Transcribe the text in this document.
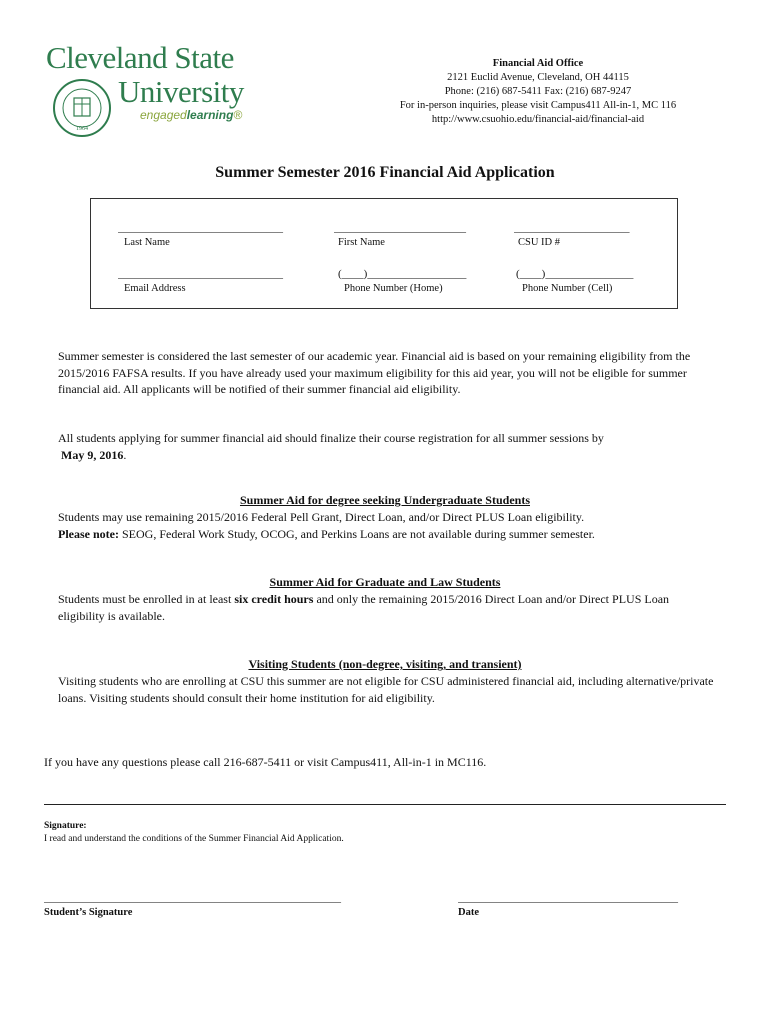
Cleveland State
University
engagedlearning®
1964
Financial Aid Office
2121 Euclid Avenue, Cleveland, OH 44115
Phone: (216) 687-5411 Fax: (216) 687-9247
For in-person inquiries, please visit Campus411 All-in-1, MC 116
http://www.csuohio.edu/financial-aid/financial-aid
Summer Semester 2016 Financial Aid Application
______________________________
Last Name
________________________
First Name
_____________________
CSU ID #
______________________________
Email Address
(____)__________________
Phone Number (Home)
(____)________________
Phone Number (Cell)
Summer semester is considered the last semester of our academic year. Financial aid is based on your remaining eligibility from the 2015/2016 FAFSA results. If you have already used your maximum eligibility for this aid year, you will not be eligible for summer financial aid. All applicants will be notified of their summer financial aid eligibility.
All students applying for summer financial aid should finalize their course registration for all summer sessions by
May 9, 2016.
Summer Aid for degree seeking Undergraduate Students
Students may use remaining 2015/2016 Federal Pell Grant, Direct Loan, and/or Direct PLUS Loan eligibility.
Please note: SEOG, Federal Work Study, OCOG, and Perkins Loans are not available during summer semester.
Summer Aid for Graduate and Law Students
Students must be enrolled in at least six credit hours and only the remaining 2015/2016 Direct Loan and/or Direct PLUS Loan eligibility is available.
Visiting Students (non-degree, visiting, and transient)
Visiting students who are enrolling at CSU this summer are not eligible for CSU administered financial aid, including alternative/private loans. Visiting students should consult their home institution for aid eligibility.
If you have any questions please call 216-687-5411 or visit Campus411, All-in-1 in MC116.
Signature:
I read and understand the conditions of the Summer Financial Aid Application.
______________________________________________________
Student’s Signature
________________________________________
Date
